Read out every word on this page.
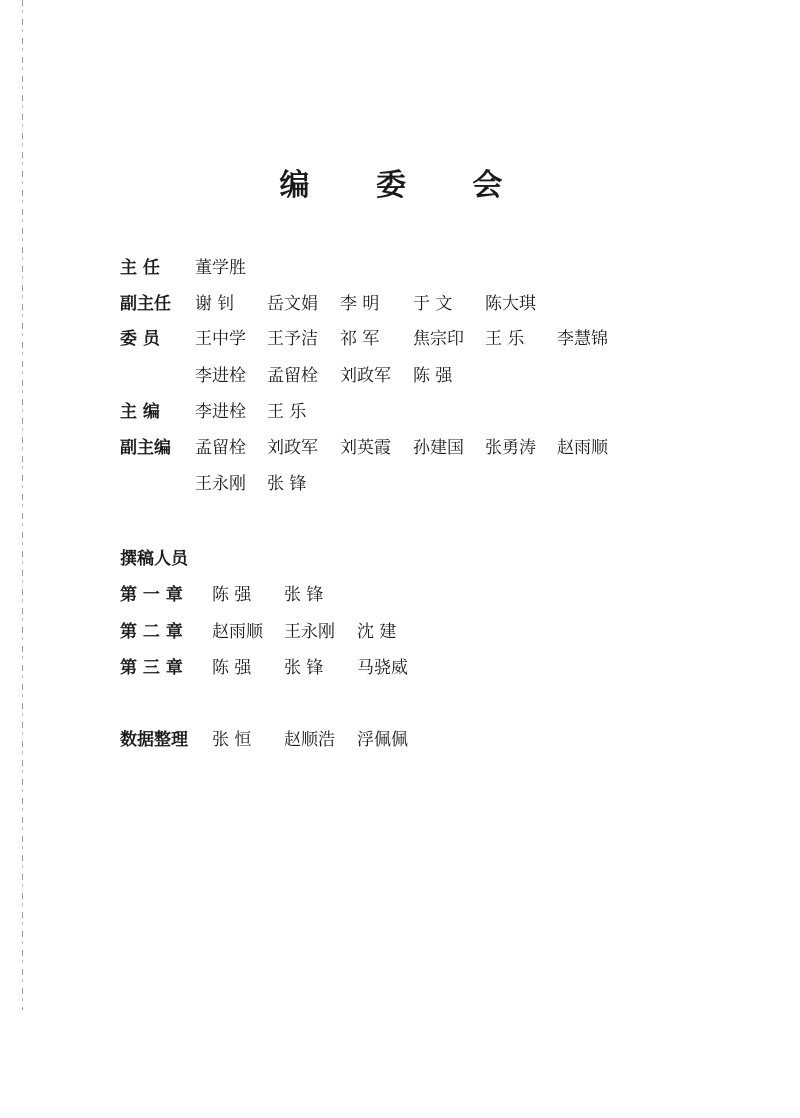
编 委 会
主 任 董学胜
副主任 谢 钊 岳文娟 李 明 于 文 陈大琪
委 员 王中学 王予洁 祁 军 焦宗印 王 乐 李慧锦
李进栓 孟留栓 刘政军 陈 强
主 编 李进栓 王 乐
副主编 孟留栓 刘政军 刘英霞 孙建国 张勇涛 赵雨顺
王永刚 张 锋
撰稿人员
第 一 章 陈 强 张 锋
第 二 章 赵雨顺 王永刚 沈 建
第 三 章 陈 强 张 锋 马骁威
数据整理 张 恒 赵顺浩 浮佩佩
